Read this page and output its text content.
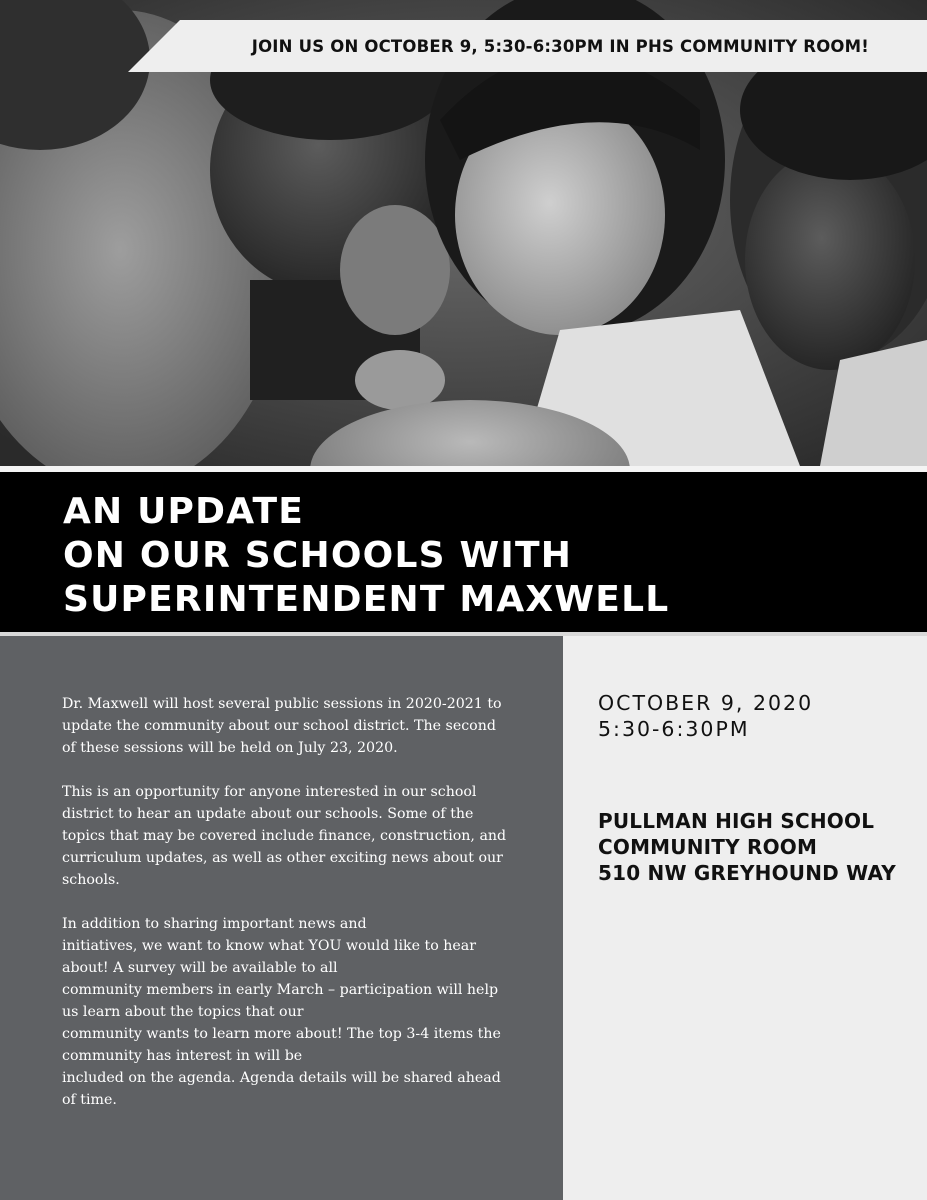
JOIN US ON OCTOBER 9, 5:30-6:30PM IN PHS COMMUNITY ROOM!
AN UPDATE
ON OUR SCHOOLS WITH
SUPERINTENDENT MAXWELL

Dr. Maxwell will host several public sessions in 2020-2021 to
update the community about our school district. The second
of these sessions will be held on July 23, 2020.

This is an opportunity for anyone interested in our school
district to hear an update about our schools. Some of the
topics that may be covered include finance, construction, and
curriculum updates, as well as other exciting news about our
schools.

In addition to sharing important news and
initiatives, we want to know what YOU would like to hear
about! A survey will be available to all
community members in early March – participation will help
us learn about the topics that our
community wants to learn more about! The top 3-4 items the
community has interest in will be
included on the agenda. Agenda details will be shared ahead
of time.

OCTOBER 9, 2020
5:30-6:30PM
PULLMAN HIGH SCHOOL
COMMUNITY ROOM
510 NW GREYHOUND WAY
